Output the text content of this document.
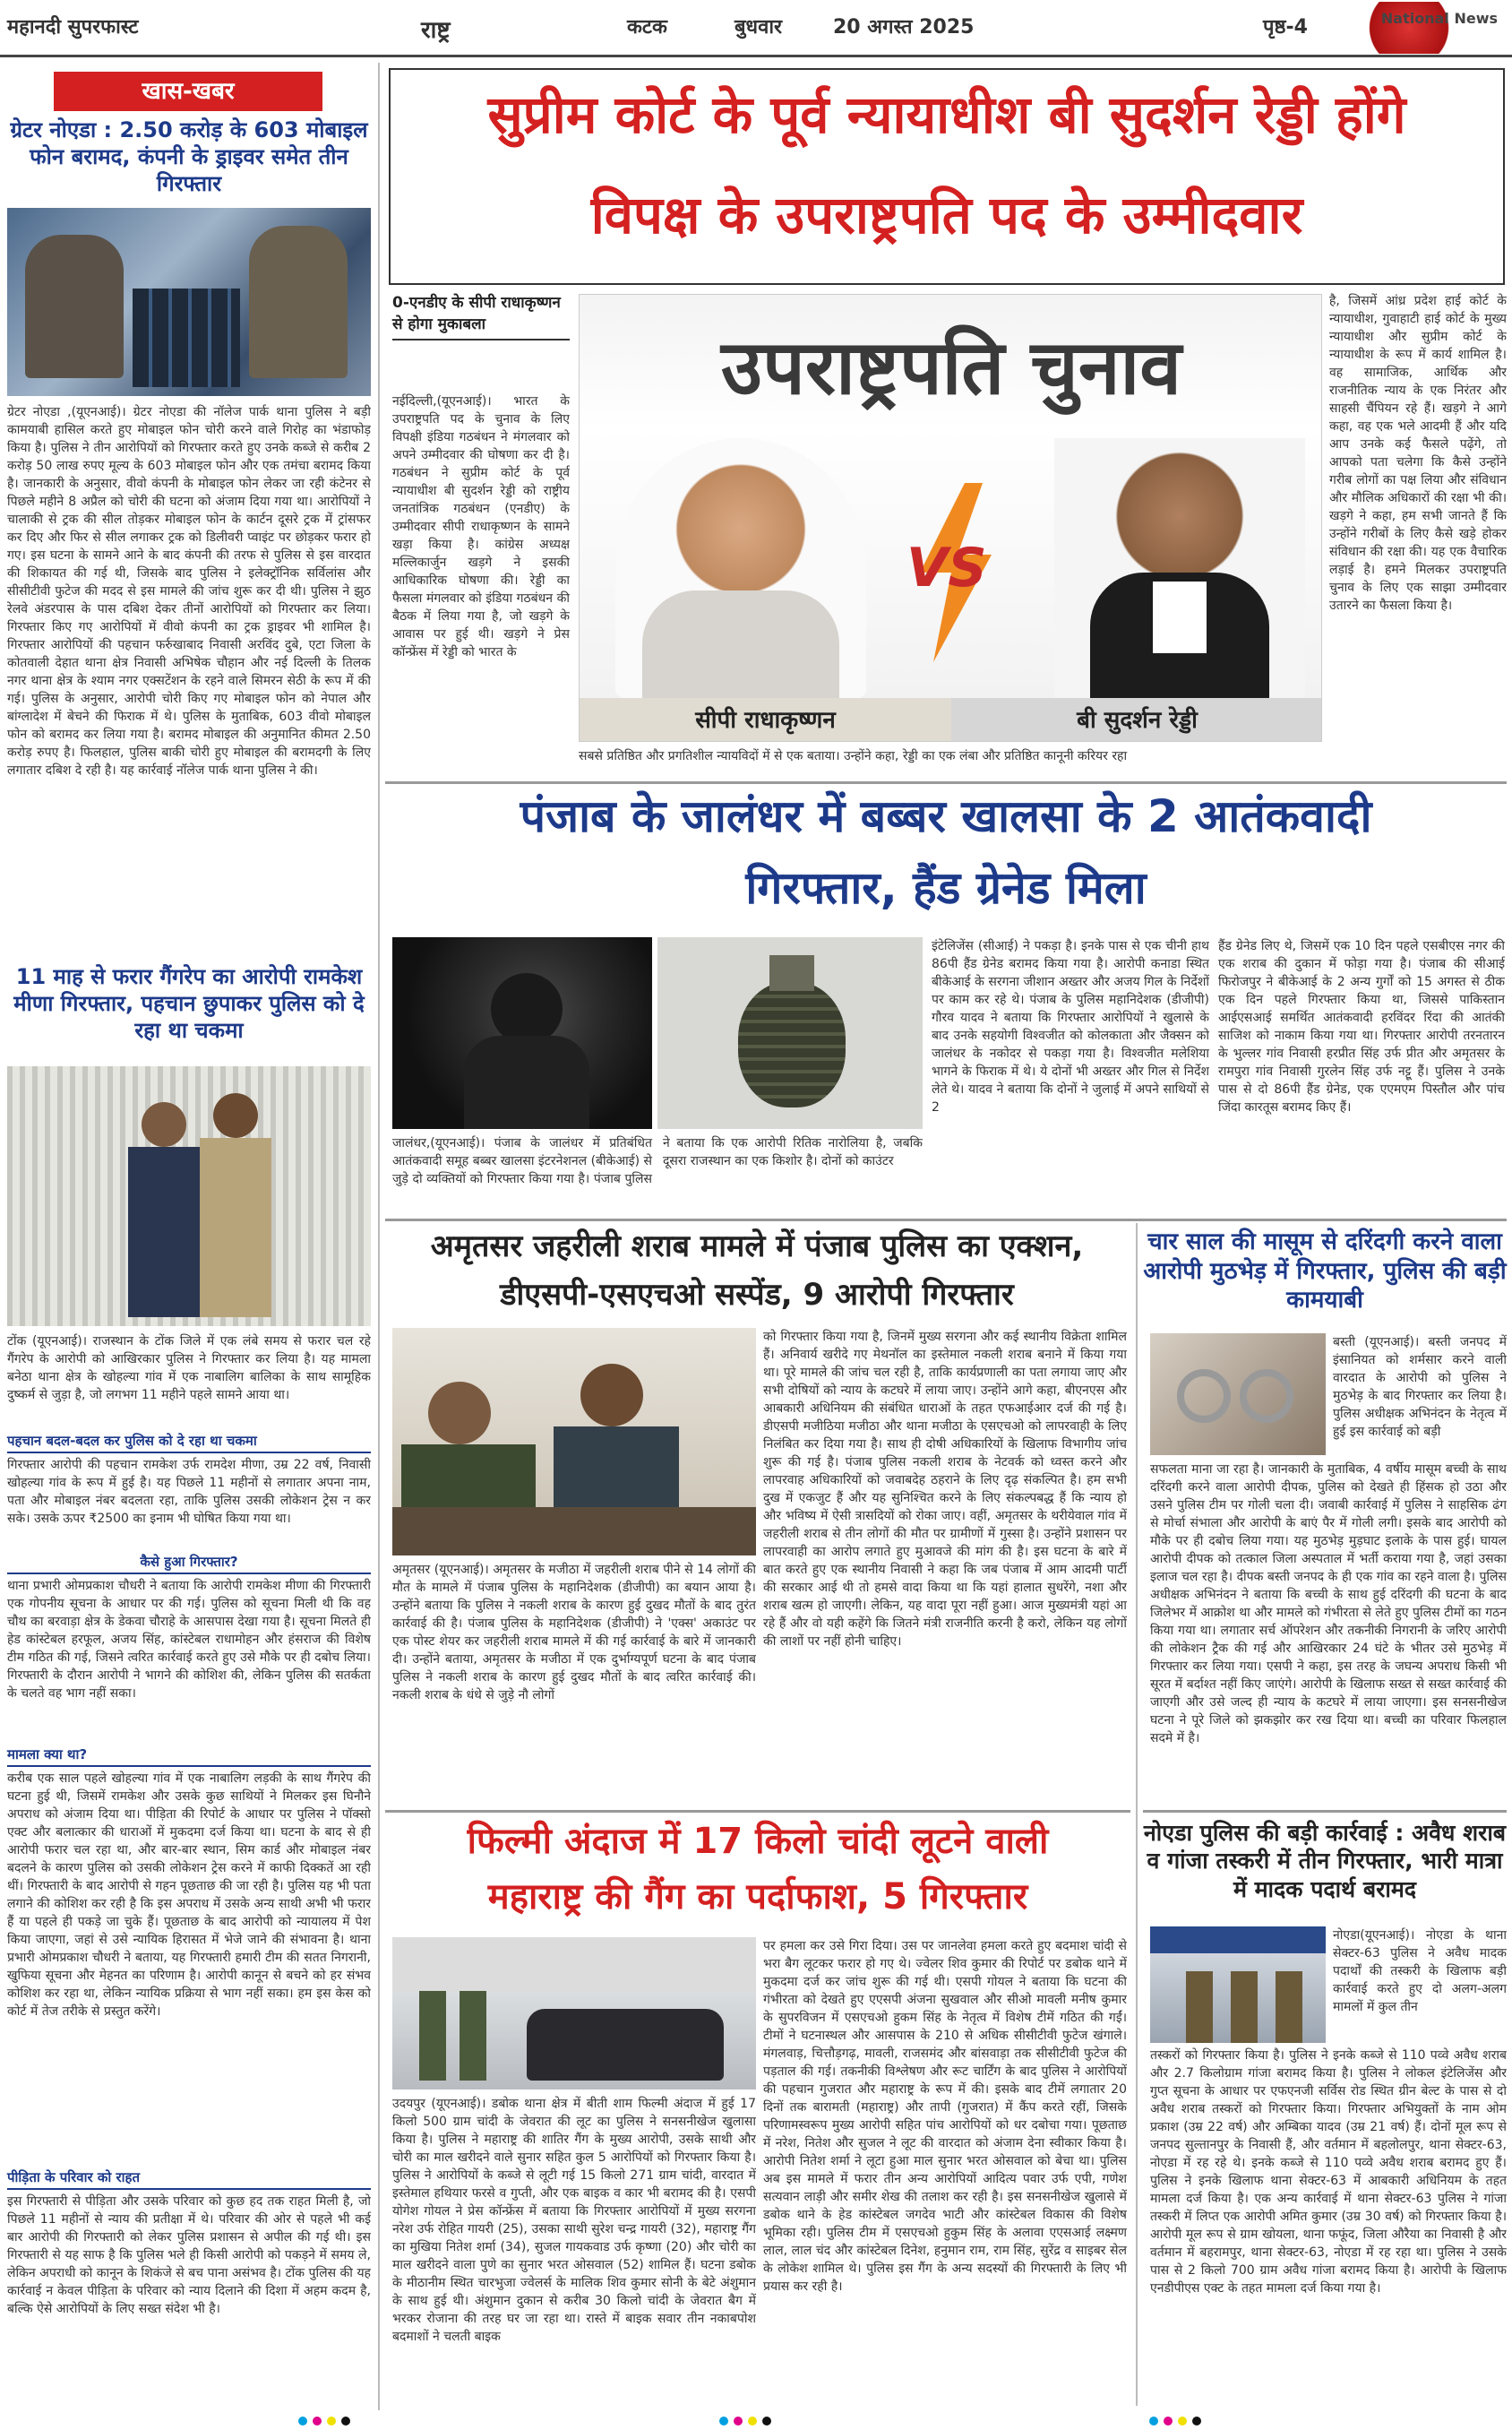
महानदी सुपरफास्ट	राष्ट्र	कटक	बुधवार	20 अगस्त 2025	पृष्ठ-4	National News
खास-खबर
ग्रेटर नोएडा : 2.50 करोड़ के 603 मोबाइल फोन बरामद, कंपनी के ड्राइवर समेत तीन गिरफ्तार
ग्रेटर नोएडा ,(यूएनआई)। ग्रेटर नोएडा की नॉलेज पार्क थाना पुलिस ने बड़ी कामयाबी हासिल करते हुए मोबाइल फोन चोरी करने वाले गिरोह का भंडाफोड़ किया है। पुलिस ने तीन आरोपियों को गिरफ्तार करते हुए उनके कब्जे से करीब 2 करोड़ 50 लाख रुपए मूल्य के 603 मोबाइल फोन और एक तमंचा बरामद किया है। जानकारी के अनुसार, वीवो कंपनी के मोबाइल फोन लेकर जा रही कंटेनर से पिछले महीने 8 अप्रैल को चोरी की घटना को अंजाम दिया गया था। आरोपियों ने चालाकी से ट्रक की सील तोड़कर मोबाइल फोन के कार्टन दूसरे ट्रक में ट्रांसफर कर दिए और फिर से सील लगाकर ट्रक को डिलीवरी प्वाइंट पर छोड़कर फरार हो गए। इस घटना के सामने आने के बाद कंपनी की तरफ से पुलिस से इस वारदात की शिकायत की गई थी, जिसके बाद पुलिस ने इलेक्ट्रॉनिक सर्विलांस और सीसीटीवी फुटेज की मदद से इस मामले की जांच शुरू कर दी थी। पुलिस ने झुठ रेलवे अंडरपास के पास दबिश देकर तीनों आरोपियों को गिरफ्तार कर लिया। गिरफ्तार किए गए आरोपियों में वीवो कंपनी का ट्रक ड्राइवर भी शामिल है। गिरफ्तार आरोपियों की पहचान फर्रुखाबाद निवासी अरविंद दुबे, एटा जिला के कोतवाली देहात थाना क्षेत्र निवासी अभिषेक चौहान और नई दिल्ली के तिलक नगर थाना क्षेत्र के श्याम नगर एक्सटेंशन के रहने वाले सिमरन सेठी के रूप में की गई। पुलिस के अनुसार, आरोपी चोरी किए गए मोबाइल फोन को नेपाल और बांग्लादेश में बेचने की फिराक में थे। पुलिस के मुताबिक, 603 वीवो मोबाइल फोन को बरामद कर लिया गया है। बरामद मोबाइल की अनुमानित कीमत 2.50 करोड़ रुपए है। फिलहाल, पुलिस बाकी चोरी हुए मोबाइल की बरामदगी के लिए लगातार दबिश दे रही है। यह कार्रवाई नॉलेज पार्क थाना पुलिस ने की।
11 माह से फरार गैंगरेप का आरोपी रामकेश मीणा गिरफ्तार, पहचान छुपाकर पुलिस को दे रहा था चकमा
टोंक (यूएनआई)। राजस्थान के टोंक जिले में एक लंबे समय से फरार चल रहे गैंगरेप के आरोपी को आखिरकार पुलिस ने गिरफ्तार कर लिया है। यह मामला बनेठा थाना क्षेत्र के खोहल्या गांव में एक नाबालिग बालिका के साथ सामूहिक दुष्कर्म से जुड़ा है, जो लगभग 11 महीने पहले सामने आया था।
पहचान बदल-बदल कर पुलिस को दे रहा था चकमा
गिरफ्तार आरोपी की पहचान रामकेश उर्फ रामदेश मीणा, उम्र 22 वर्ष, निवासी खोहल्या गांव के रूप में हुई है। यह पिछले 11 महीनों से लगातार अपना नाम, पता और मोबाइल नंबर बदलता रहा, ताकि पुलिस उसकी लोकेशन ट्रेस न कर सके। उसके ऊपर ₹2500 का इनाम भी घोषित किया गया था।
कैसे हुआ गिरफ्तार?
थाना प्रभारी ओमप्रकाश चौधरी ने बताया कि आरोपी रामकेश मीणा की गिरफ्तारी एक गोपनीय सूचना के आधार पर की गई। पुलिस को सूचना मिली थी कि वह चौथ का बरवाड़ा क्षेत्र के डेकवा चौराहे के आसपास देखा गया है। सूचना मिलते ही हेड कांस्टेबल हरफूल, अजय सिंह, कांस्टेबल राधामोहन और हंसराज की विशेष टीम गठित की गई, जिसने त्वरित कार्रवाई करते हुए उसे मौके पर ही दबोच लिया। गिरफ्तारी के दौरान आरोपी ने भागने की कोशिश की, लेकिन पुलिस की सतर्कता के चलते वह भाग नहीं सका।
मामला क्या था?
करीब एक साल पहले खोहल्या गांव में एक नाबालिग लड़की के साथ गैंगरेप की घटना हुई थी, जिसमें रामकेश और उसके कुछ साथियों ने मिलकर इस घिनौने अपराध को अंजाम दिया था। पीड़िता की रिपोर्ट के आधार पर पुलिस ने पॉक्सो एक्ट और बलात्कार की धाराओं में मुकदमा दर्ज किया था। घटना के बाद से ही आरोपी फरार चल रहा था, और बार-बार स्थान, सिम कार्ड और मोबाइल नंबर बदलने के कारण पुलिस को उसकी लोकेशन ट्रेस करने में काफी दिक्कतें आ रही थीं। गिरफ्तारी के बाद आरोपी से गहन पूछताछ की जा रही है। पुलिस यह भी पता लगाने की कोशिश कर रही है कि इस अपराध में उसके अन्य साथी अभी भी फरार हैं या पहले ही पकड़े जा चुके हैं। पूछताछ के बाद आरोपी को न्यायालय में पेश किया जाएगा, जहां से उसे न्यायिक हिरासत में भेजे जाने की संभावना है। थाना प्रभारी ओमप्रकाश चौधरी ने बताया, यह गिरफ्तारी हमारी टीम की सतत निगरानी, खुफिया सूचना और मेहनत का परिणाम है। आरोपी कानून से बचने को हर संभव कोशिश कर रहा था, लेकिन न्यायिक प्रक्रिया से भाग नहीं सका। हम इस केस को कोर्ट में तेज तरीके से प्रस्तुत करेंगे।
पीड़िता के परिवार को राहत
इस गिरफ्तारी से पीड़िता और उसके परिवार को कुछ हद तक राहत मिली है, जो पिछले 11 महीनों से न्याय की प्रतीक्षा में थे। परिवार की ओर से पहले भी कई बार आरोपी की गिरफ्तारी को लेकर पुलिस प्रशासन से अपील की गई थी। इस गिरफ्तारी से यह साफ है कि पुलिस भले ही किसी आरोपी को पकड़ने में समय ले, लेकिन अपराधी को कानून के शिकंजे से बच पाना असंभव है। टोंक पुलिस की यह कार्रवाई न केवल पीड़िता के परिवार को न्याय दिलाने की दिशा में अहम कदम है, बल्कि ऐसे आरोपियों के लिए सख्त संदेश भी है।
सुप्रीम कोर्ट के पूर्व न्यायाधीश बी सुदर्शन रेड्डी होंगे
विपक्ष के उपराष्ट्रपति पद के उम्मीदवार
0-एनडीए के सीपी राधाकृष्णन से होगा मुकाबला
नईदिल्ली,(यूएनआई)। भारत के उपराष्ट्रपति पद के चुनाव के लिए विपक्षी इंडिया गठबंधन ने मंगलवार को अपने उम्मीदवार की घोषणा कर दी है। गठबंधन ने सुप्रीम कोर्ट के पूर्व न्यायाधीश बी सुदर्शन रेड्डी को राष्ट्रीय जनतांत्रिक गठबंधन (एनडीए) के उम्मीदवार सीपी राधाकृष्णन के सामने खड़ा किया है। कांग्रेस अध्यक्ष मल्लिकार्जुन खड़गे ने इसकी आधिकारिक घोषणा की। रेड्डी का फैसला मंगलवार को इंडिया गठबंधन की बैठक में लिया गया है, जो खड़गे के आवास पर हुई थी। खड़गे ने प्रेस कॉन्फ्रेंस में रेड्डी को भारत के
उपराष्ट्रपति चुनाव
VS
सीपी राधाकृष्णन	बी सुदर्शन रेड्डी
सबसे प्रतिष्ठित और प्रगतिशील न्यायविदों में से एक बताया। उन्होंने कहा, रेड्डी का एक लंबा और प्रतिष्ठित कानूनी करियर रहा
है, जिसमें आंध्र प्रदेश हाई कोर्ट के न्यायाधीश, गुवाहाटी हाई कोर्ट के मुख्य न्यायाधीश और सुप्रीम कोर्ट के न्यायाधीश के रूप में कार्य शामिल है। वह सामाजिक, आर्थिक और राजनीतिक न्याय के एक निरंतर और साहसी चैंपियन रहे हैं। खड़गे ने आगे कहा, वह एक भले आदमी हैं और यदि आप उनके कई फैसले पढ़ेंगे, तो आपको पता चलेगा कि कैसे उन्होंने गरीब लोगों का पक्ष लिया और संविधान और मौलिक अधिकारों की रक्षा भी की। खड़गे ने कहा, हम सभी जानते हैं कि उन्होंने गरीबों के लिए कैसे खड़े होकर संविधान की रक्षा की। यह एक वैचारिक लड़ाई है। हमने मिलकर उपराष्ट्रपति चुनाव के लिए एक साझा उम्मीदवार उतारने का फैसला किया है।
पंजाब के जालंधर में बब्बर खालसा के 2 आतंकवादी
गिरफ्तार, हैंड ग्रेनेड मिला
जालंधर,(यूएनआई)। पंजाब के जालंधर में प्रतिबंधित आतंकवादी समूह बब्बर खालसा इंटरनेशनल (बीकेआई) से जुड़े दो व्यक्तियों को गिरफ्तार किया गया है। पंजाब पुलिस ने बताया कि एक आरोपी रितिक नारोलिया है, जबकि दूसरा राजस्थान का एक किशोर है। दोनों को काउंटर
इंटेलिजेंस (सीआई) ने पकड़ा है। इनके पास से एक चीनी हाथ 86पी हैंड ग्रेनेड बरामद किया गया है। आरोपी कनाडा स्थित बीकेआई के सरगना जीशान अख्तर और अजय गिल के निर्देशों पर काम कर रहे थे। पंजाब के पुलिस महानिदेशक (डीजीपी) गौरव यादव ने बताया कि गिरफ्तार आरोपियों ने खुलासे के बाद उनके सहयोगी विश्वजीत को कोलकाता और जैक्सन को जालंधर के नकोदर से पकड़ा गया है। विश्वजीत मलेशिया भागने के फिराक में थे। ये दोनों भी अख्तर और गिल से निर्देश लेते थे। यादव ने बताया कि दोनों ने जुलाई में अपने साथियों से 2
हैंड ग्रेनेड लिए थे, जिसमें एक 10 दिन पहले एसबीएस नगर की एक शराब की दुकान में फोड़ा गया है। पंजाब की सीआई फिरोजपुर ने बीकेआई के 2 अन्य गुर्गों को 15 अगस्त से ठीक एक दिन पहले गिरफ्तार किया था, जिससे पाकिस्तान आईएसआई समर्थित आतंकवादी हरविंदर रिंदा की आतंकी साजिश को नाकाम किया गया था। गिरफ्तार आरोपी तरनतारन के भुल्लर गांव निवासी हरप्रीत सिंह उर्फ प्रीत और अमृतसर के रामपुरा गांव निवासी गुरलेन सिंह उर्फ नट्टू हैं। पुलिस ने उनके पास से दो 86पी हैंड ग्रेनेड, एक एएमएम पिस्तौल और पांच जिंदा कारतूस बरामद किए हैं।
अमृतसर जहरीली शराब मामले में पंजाब पुलिस का एक्शन,
डीएसपी-एसएचओ सस्पेंड, 9 आरोपी गिरफ्तार
अमृतसर (यूएनआई)। अमृतसर के मजीठा में जहरीली शराब पीने से 14 लोगों की मौत के मामले में पंजाब पुलिस के महानिदेशक (डीजीपी) का बयान आया है। उन्होंने बताया कि पुलिस ने नकली शराब के कारण हुई दुखद मौतों के बाद तुरंत कार्रवाई की है। पंजाब पुलिस के महानिदेशक (डीजीपी) ने 'एक्स' अकाउंट पर एक पोस्ट शेयर कर जहरीली शराब मामले में की गई कार्रवाई के बारे में जानकारी दी। उन्होंने बताया, अमृतसर के मजीठा में एक दुर्भाग्यपूर्ण घटना के बाद पंजाब पुलिस ने नकली शराब के कारण हुई दुखद मौतों के बाद त्वरित कार्रवाई की। नकली शराब के धंधे से जुड़े नौ लोगों
को गिरफ्तार किया गया है, जिनमें मुख्य सरगना और कई स्थानीय विक्रेता शामिल हैं। अनिवार्य खरीदे गए मेथनॉल का इस्तेमाल नकली शराब बनाने में किया गया था। पूरे मामले की जांच चल रही है, ताकि कार्यप्रणाली का पता लगाया जाए और सभी दोषियों को न्याय के कटघरे में लाया जाए। उन्होंने आगे कहा, बीएनएस और आबकारी अधिनियम की संबंधित धाराओं के तहत एफआईआर दर्ज की गई है। डीएसपी मजीठिया मजीठा और थाना मजीठा के एसएचओ को लापरवाही के लिए निलंबित कर दिया गया है। साथ ही दोषी अधिकारियों के खिलाफ विभागीय जांच शुरू की गई है। पंजाब पुलिस नकली शराब के नेटवर्क को ध्वस्त करने और लापरवाह अधिकारियों को जवाबदेह ठहराने के लिए दृढ़ संकल्पित है। हम सभी दुख में एकजुट हैं और यह सुनिश्चित करने के लिए संकल्पबद्ध हैं कि न्याय हो और भविष्य में ऐसी त्रासदियों को रोका जाए। वहीं, अमृतसर के थरीयेवाल गांव में जहरीली शराब से तीन लोगों की मौत पर ग्रामीणों में गुस्सा है। उन्होंने प्रशासन पर लापरवाही का आरोप लगाते हुए मुआवजे की मांग की है। इस घटना के बारे में बात करते हुए एक स्थानीय निवासी ने कहा कि जब पंजाब में आम आदमी पार्टी की सरकार आई थी तो हमसे वादा किया था कि यहां हालात सुधरेंगे, नशा और शराब खत्म हो जाएगी। लेकिन, यह वादा पूरा नहीं हुआ। आज मुख्यमंत्री यहां आ रहे हैं और वो यही कहेंगे कि जितने मंत्री राजनीति करनी है करो, लेकिन यह लोगों की लाशों पर नहीं होनी चाहिए।
फिल्मी अंदाज में 17 किलो चांदी लूटने वाली
महाराष्ट्र की गैंग का पर्दाफाश, 5 गिरफ्तार
उदयपुर (यूएनआई)। डबोक थाना क्षेत्र में बीती शाम फिल्मी अंदाज में हुई 17 किलो 500 ग्राम चांदी के जेवरात की लूट का पुलिस ने सनसनीखेज खुलासा किया है। पुलिस ने महाराष्ट्र की शातिर गैंग के मुख्य आरोपी, उसके साथी और चोरी का माल खरीदने वाले सुनार सहित कुल 5 आरोपियों को गिरफ्तार किया है। पुलिस ने आरोपियों के कब्जे से लूटी गई 15 किलो 271 ग्राम चांदी, वारदात में इस्तेमाल हथियार फरसे व गुप्ती, और एक बाइक व कार भी बरामद की है। एसपी योगेश गोयल ने प्रेस कॉन्फ्रेंस में बताया कि गिरफ्तार आरोपियों में मुख्य सरगना नरेश उर्फ रोहित गायरी (25), उसका साथी सुरेश चन्द्र गायरी (32), महाराष्ट्र गैंग का मुखिया नितेश शर्मा (34), सुजल गायकवाड उर्फ कृष्णा (20) और चोरी का माल खरीदने वाला पुणे का सुनार भरत ओसवाल (52) शामिल हैं। घटना डबोक के मीठानीम स्थित चारभुजा ज्वेलर्स के मालिक शिव कुमार सोनी के बेटे अंशुमान के साथ हुई थी। अंशुमान दुकान से करीब 30 किलो चांदी के जेवरात बैग में भरकर रोजाना की तरह घर जा रहा था। रास्ते में बाइक सवार तीन नकाबपोश बदमाशों ने चलती बाइक
पर हमला कर उसे गिरा दिया। उस पर जानलेवा हमला करते हुए बदमाश चांदी से भरा बैग लूटकर फरार हो गए थे। ज्वेलर शिव कुमार की रिपोर्ट पर डबोक थाने में मुकदमा दर्ज कर जांच शुरू की गई थी। एसपी गोयल ने बताया कि घटना की गंभीरता को देखते हुए एएसपी अंजना सुखवाल और सीओ मावली मनीष कुमार के सुपरविजन में एसएचओ हुकम सिंह के नेतृत्व में विशेष टीमें गठित की गईं। टीमों ने घटनास्थल और आसपास के 210 से अधिक सीसीटीवी फुटेज खंगाले। मंगलवाड़, चित्तौड़गढ़, मावली, राजसमंद और बांसवाड़ा तक सीसीटीवी फुटेज की पड़ताल की गई। तकनीकी विश्लेषण और रूट चार्टिंग के बाद पुलिस ने आरोपियों की पहचान गुजरात और महाराष्ट्र के रूप में की। इसके बाद टीमें लगातार 20 दिनों तक बारामती (महाराष्ट्र) और तापी (गुजरात) में कैंप करते रहीं, जिसके परिणामस्वरूप मुख्य आरोपी सहित पांच आरोपियों को धर दबोचा गया। पूछताछ में नरेश, नितेश और सुजल ने लूट की वारदात को अंजाम देना स्वीकार किया है। आरोपी नितेश शर्मा ने लूटा हुआ माल सुनार भरत ओसवाल को बेचा था। पुलिस अब इस मामले में फरार तीन अन्य आरोपियों आदित्य पवार उर्फ एपी, गणेश सत्यवान लाड़ी और समीर शेख की तलाश कर रही है। इस सनसनीखेज खुलासे में डबोक थाने के हेड कांस्टेबल जगदेव भाटी और कांस्टेबल विकास की विशेष भूमिका रही। पुलिस टीम में एसएचओ हुकुम सिंह के अलावा एएसआई लक्ष्मण लाल, लाल चंद और कांस्टेबल दिनेश, हनुमान राम, राम सिंह, सुरेंद्र व साइबर सेल के लोकेश शामिल थे। पुलिस इस गैंग के अन्य सदस्यों की गिरफ्तारी के लिए भी प्रयास कर रही है।
चार साल की मासूम से दरिंदगी करने वाला आरोपी मुठभेड़ में गिरफ्तार, पुलिस की बड़ी कामयाबी
बस्ती (यूएनआई)। बस्ती जनपद में इंसानियत को शर्मसार करने वाली वारदात के आरोपी को पुलिस ने मुठभेड़ के बाद गिरफ्तार कर लिया है। पुलिस अधीक्षक अभिनंदन के नेतृत्व में हुई इस कार्रवाई को बड़ी
सफलता माना जा रहा है। जानकारी के मुताबिक, 4 वर्षीय मासूम बच्ची के साथ दरिंदगी करने वाला आरोपी दीपक, पुलिस को देखते ही हिंसक हो उठा और उसने पुलिस टीम पर गोली चला दी। जवाबी कार्रवाई में पुलिस ने साहसिक ढंग से मोर्चा संभाला और आरोपी के बाएं पैर में गोली लगी। इसके बाद आरोपी को मौके पर ही दबोच लिया गया। यह मुठभेड़ मुड़घाट इलाके के पास हुई। घायल आरोपी दीपक को तत्काल जिला अस्पताल में भर्ती कराया गया है, जहां उसका इलाज चल रहा है। दीपक बस्ती जनपद के ही एक गांव का रहने वाला है। पुलिस अधीक्षक अभिनंदन ने बताया कि बच्ची के साथ हुई दरिंदगी की घटना के बाद जिलेभर में आक्रोश था और मामले को गंभीरता से लेते हुए पुलिस टीमों का गठन किया गया था। लगातार सर्च ऑपरेशन और तकनीकी निगरानी के जरिए आरोपी की लोकेशन ट्रैक की गई और आखिरकार 24 घंटे के भीतर उसे मुठभेड़ में गिरफ्तार कर लिया गया। एसपी ने कहा, इस तरह के जघन्य अपराध किसी भी सूरत में बर्दाश्त नहीं किए जाएंगे। आरोपी के खिलाफ सख्त से सख्त कार्रवाई की जाएगी और उसे जल्द ही न्याय के कटघरे में लाया जाएगा। इस सनसनीखेज घटना ने पूरे जिले को झकझोर कर रख दिया था। बच्ची का परिवार फिलहाल सदमे में है।
नोएडा पुलिस की बड़ी कार्रवाई : अवैध शराब व गांजा तस्करी में तीन गिरफ्तार, भारी मात्रा में मादक पदार्थ बरामद
नोएडा(यूएनआई)। नोएडा के थाना सेक्टर-63 पुलिस ने अवैध मादक पदार्थों की तस्करी के खिलाफ बड़ी कार्रवाई करते हुए दो अलग-अलग मामलों में कुल तीन
तस्करों को गिरफ्तार किया है। पुलिस ने इनके कब्जे से 110 पव्वे अवैध शराब और 2.7 किलोग्राम गांजा बरामद किया है। पुलिस ने लोकल इंटेलिजेंस और गुप्त सूचना के आधार पर एफएनजी सर्विस रोड स्थित ग्रीन बेल्ट के पास से दो अवैध शराब तस्करों को गिरफ्तार किया। गिरफ्तार अभियुक्तों के नाम ओम प्रकाश (उम्र 22 वर्ष) और अम्बिका यादव (उम्र 21 वर्ष) हैं। दोनों मूल रूप से जनपद सुल्तानपुर के निवासी हैं, और वर्तमान में बहलोलपुर, थाना सेक्टर-63, नोएडा में रह रहे थे। इनके कब्जे से 110 पव्वे अवैध शराब बरामद हुए हैं। पुलिस ने इनके खिलाफ थाना सेक्टर-63 में आबकारी अधिनियम के तहत मामला दर्ज किया है। एक अन्य कार्रवाई में थाना सेक्टर-63 पुलिस ने गांजा तस्करी में लिप्त एक आरोपी अमित कुमार (उम्र 30 वर्ष) को गिरफ्तार किया है। आरोपी मूल रूप से ग्राम खोयला, थाना फफूंद, जिला औरैया का निवासी है और वर्तमान में बहरामपुर, थाना सेक्टर-63, नोएडा में रह रहा था। पुलिस ने उसके पास से 2 किलो 700 ग्राम अवैध गांजा बरामद किया है। आरोपी के खिलाफ एनडीपीएस एक्ट के तहत मामला दर्ज किया गया है।
